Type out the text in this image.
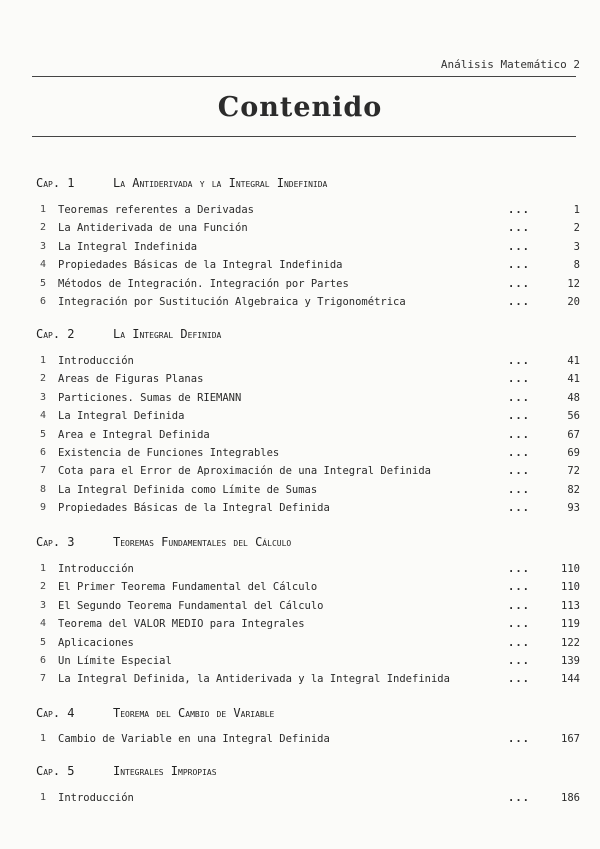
Análisis Matemático 2
Contenido
Cap. 1	La Antiderivada y la Integral Indefinida
1	Teoremas referentes a Derivadas	...	1
2	La Antiderivada de una Función	...	2
3	La Integral Indefinida	...	3
4	Propiedades Básicas de la Integral Indefinida	...	8
5	Métodos de Integración. Integración por Partes	...	12
6	Integración por Sustitución Algebraica y Trigonométrica	...	20
Cap. 2	La Integral Definida
1	Introducción	...	41
2	Areas de Figuras Planas	...	41
3	Particiones. Sumas de RIEMANN	...	48
4	La Integral Definida	...	56
5	Area e Integral Definida	...	67
6	Existencia de Funciones Integrables	...	69
7	Cota para el Error de Aproximación de una Integral Definida	...	72
8	La Integral Definida como Límite de Sumas	...	82
9	Propiedades Básicas de la Integral Definida	...	93
Cap. 3	Teoremas Fundamentales del Cálculo
1	Introducción	...	110
2	El Primer Teorema Fundamental del Cálculo	...	110
3	El Segundo Teorema Fundamental del Cálculo	...	113
4	Teorema del VALOR MEDIO para Integrales	...	119
5	Aplicaciones	...	122
6	Un Límite Especial	...	139
7	La Integral Definida, la Antiderivada y la Integral Indefinida	...	144
Cap. 4	Teorema del Cambio de Variable
1	Cambio de Variable en una Integral Definida	...	167
Cap. 5	Integrales Impropias
1	Introducción	...	186
